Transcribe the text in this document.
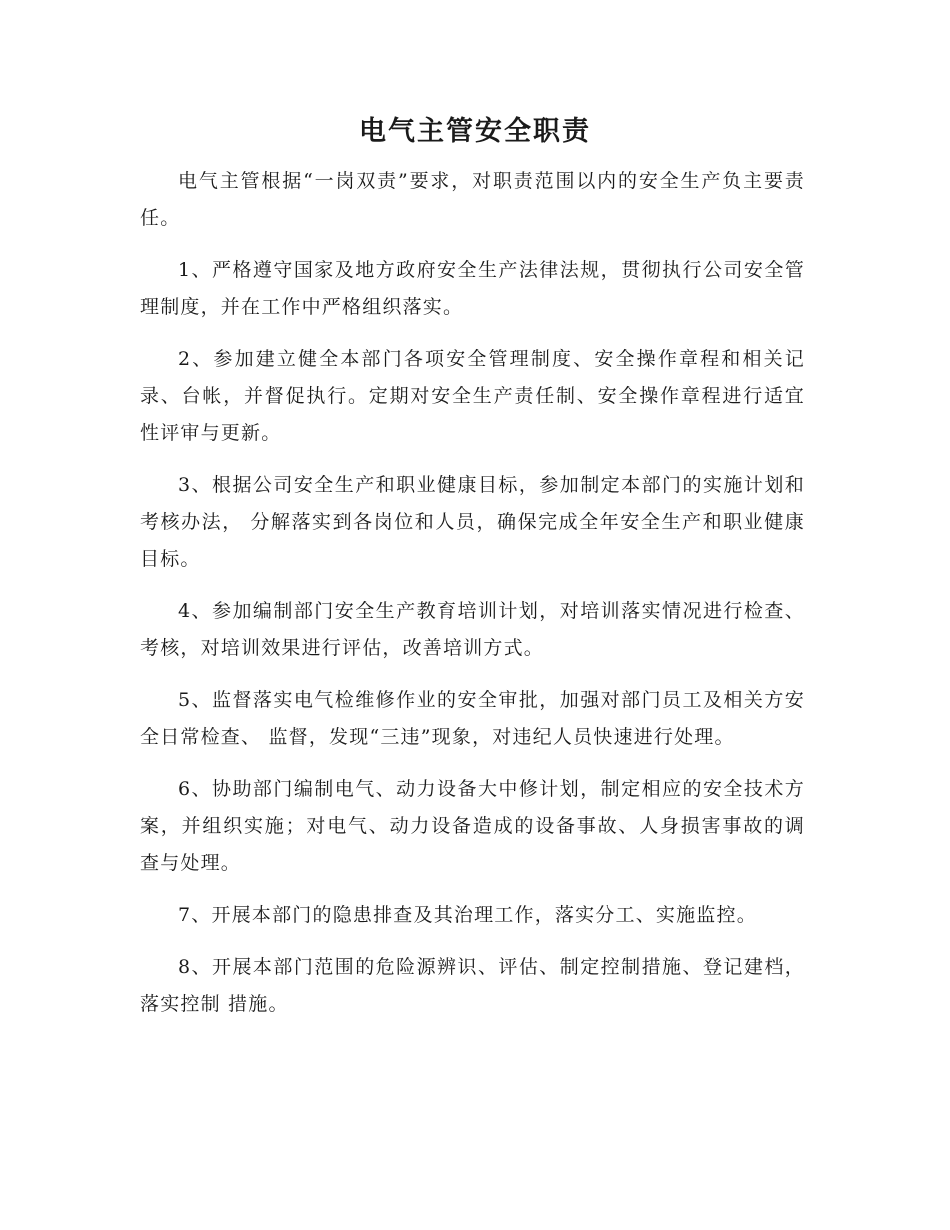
电气主管安全职责

电气主管根据“一岗双责”要求，对职责范围以内的安全生产负主要责任。

1、严格遵守国家及地方政府安全生产法律法规，贯彻执行公司安全管理制度，并在工作中严格组织落实。

2、参加建立健全本部门各项安全管理制度、安全操作章程和相关记录、台帐，并督促执行。定期对安全生产责任制、安全操作章程进行适宜性评审与更新。

3、根据公司安全生产和职业健康目标，参加制定本部门的实施计划和考核办法， 分解落实到各岗位和人员，确保完成全年安全生产和职业健康目标。

4、参加编制部门安全生产教育培训计划，对培训落实情况进行检查、考核，对培训效果进行评估，改善培训方式。

5、监督落实电气检维修作业的安全审批，加强对部门员工及相关方安全日常检查、 监督，发现“三违”现象，对违纪人员快速进行处理。

6、协助部门编制电气、动力设备大中修计划，制定相应的安全技术方案，并组织实施；对电气、动力设备造成的设备事故、人身损害事故的调查与处理。

7、开展本部门的隐患排查及其治理工作，落实分工、实施监控。

8、开展本部门范围的危险源辨识、评估、制定控制措施、登记建档，落实控制 措施。
